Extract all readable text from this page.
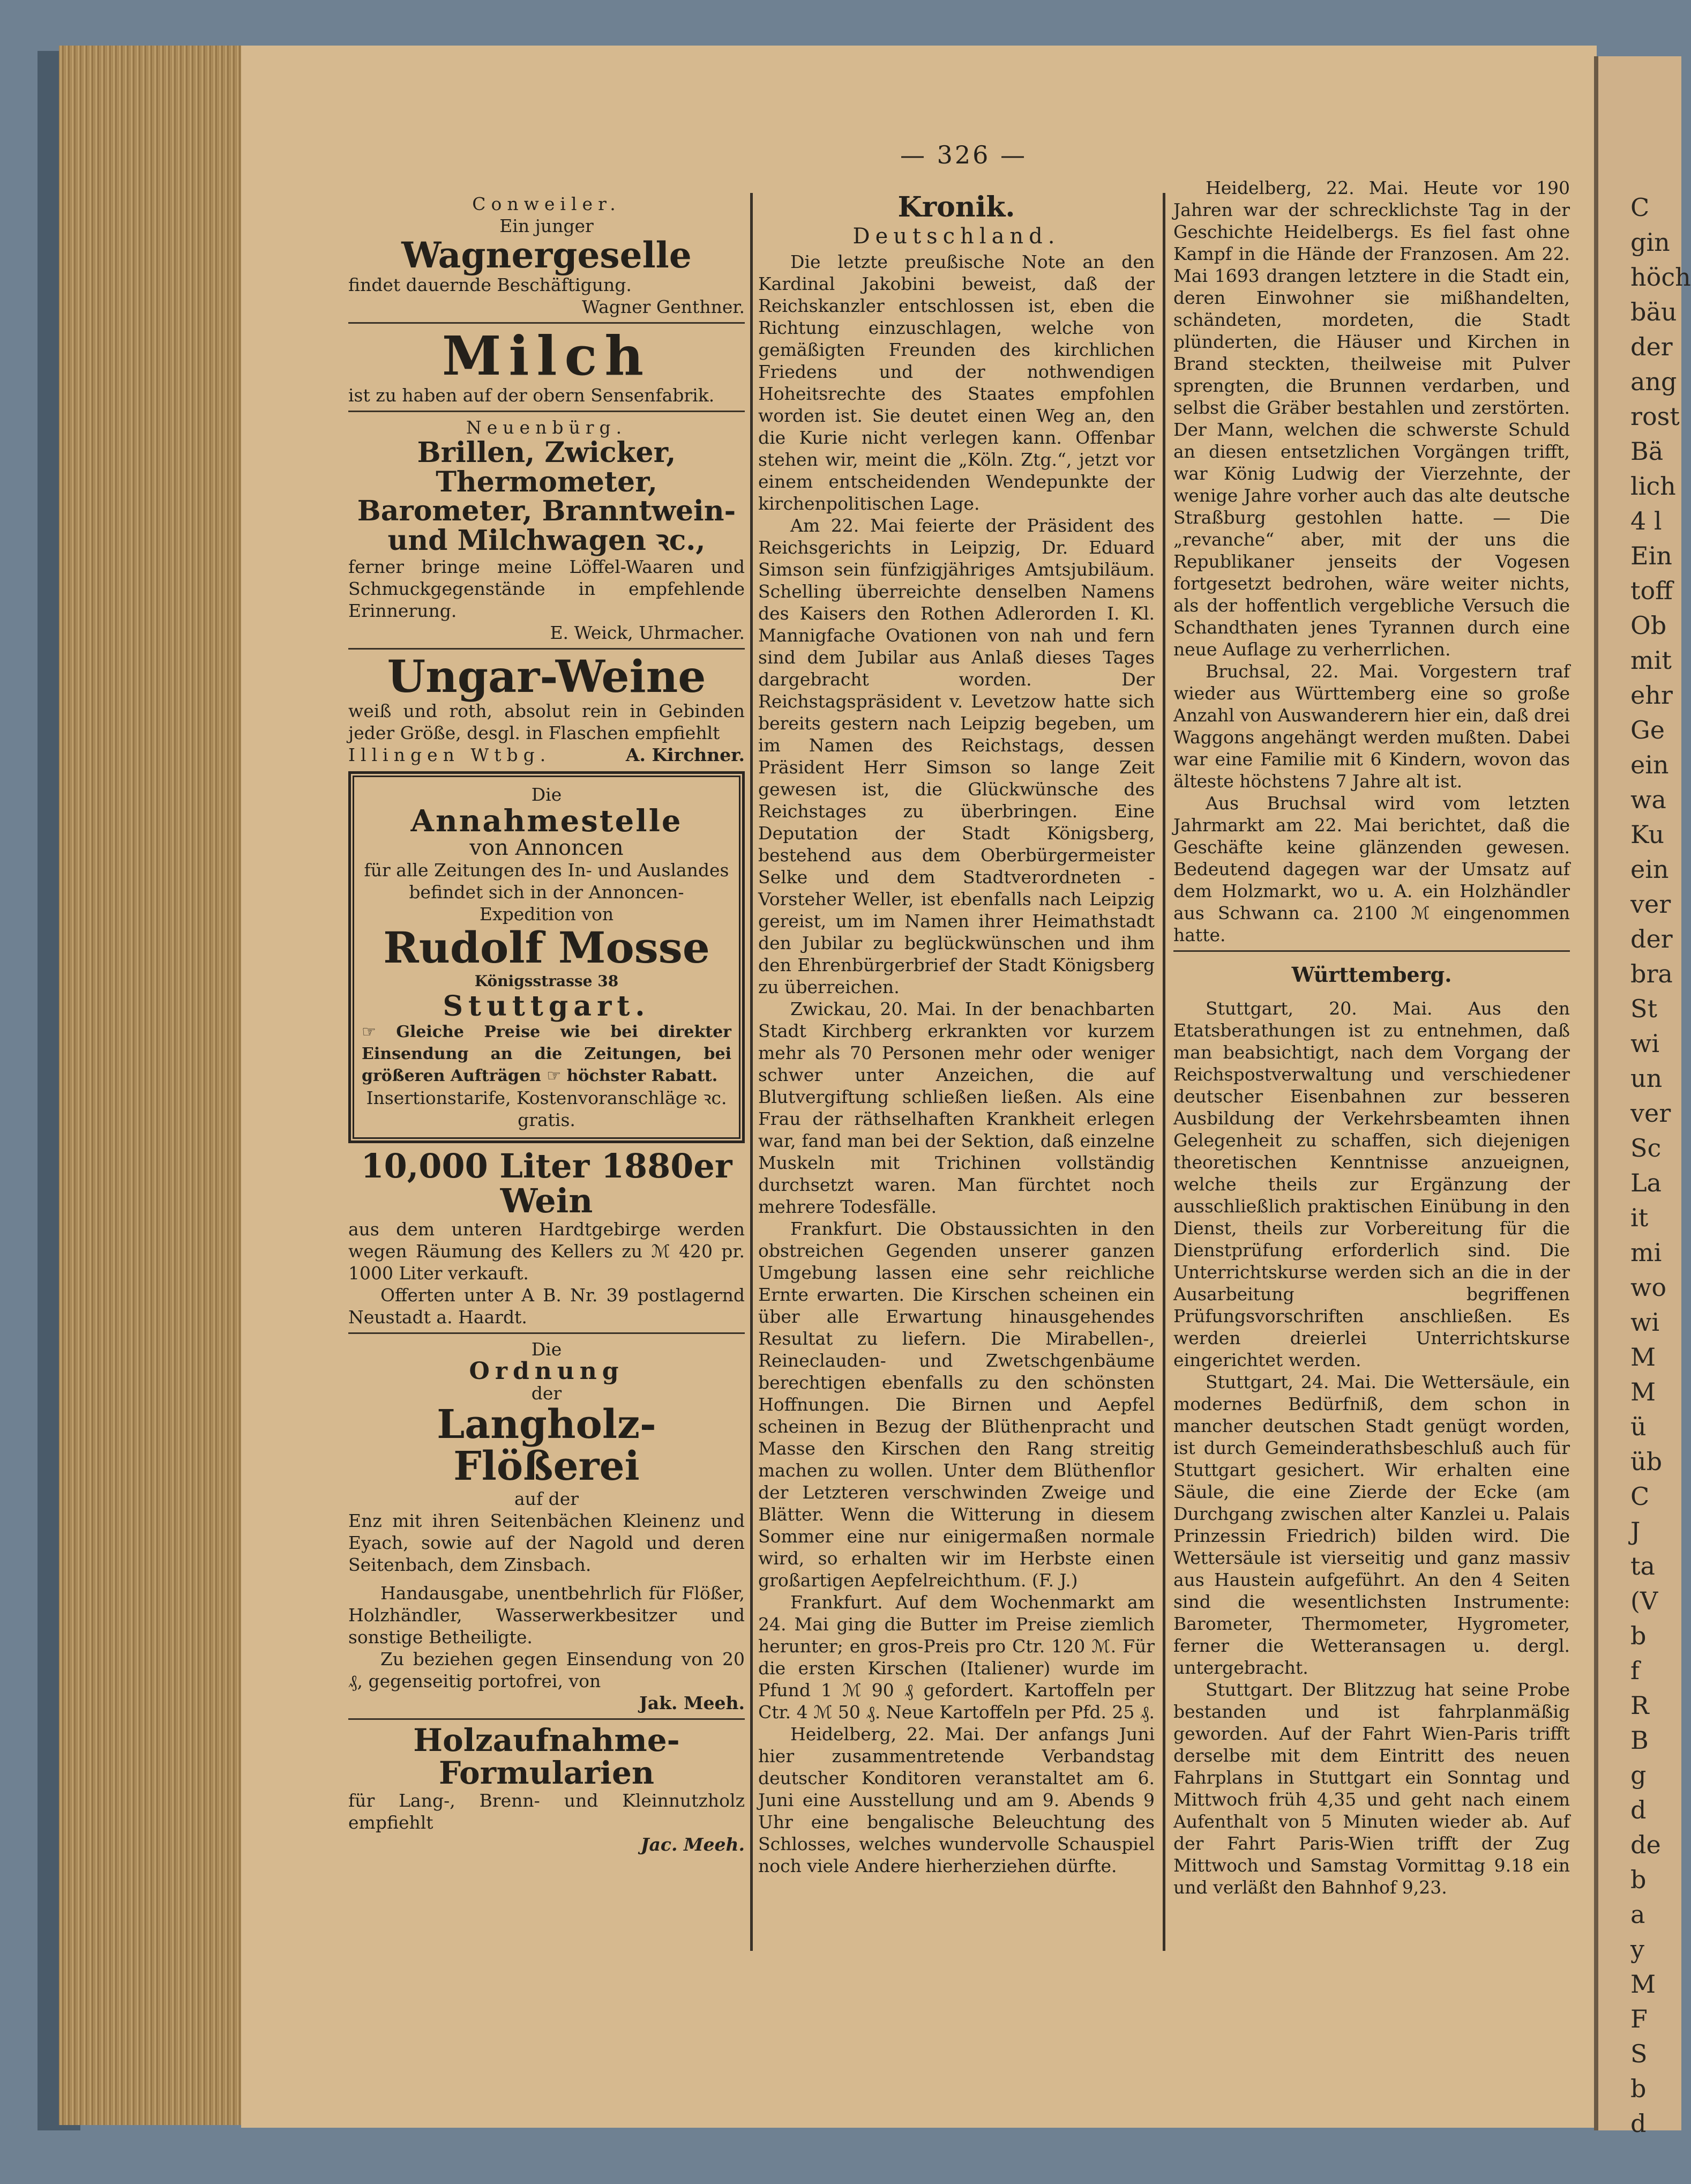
C
gin
höch
bäu
der
ang
rost
Bä
lich
4 l
Ein
toff
Ob
mit
ehr
Ge
ein
wa
Ku
ein
ver
der
bra
St
wi
un
ver
Sc
La
it
mi
wo
wi
M
M
ü
üb
C
J
ta
(V
b
f
R
B
g
d
de
b
a
y
M
F
S
b
d
— 326 —
Conweiler.
Ein junger
Wagnergeselle
findet dauernde Beschäftigung.
Wagner Genthner.
Milch
ist zu haben auf der obern Sensenfabrik.
Neuenbürg.
Brillen, Zwicker, Thermometer, Barometer, Branntwein- und Milchwagen ꝛc.,
ferner bringe meine Löffel-Waaren und Schmuckgegenstände in empfehlende Erinnerung.
E. Weick, Uhrmacher.
Ungar-Weine
weiß und roth, absolut rein in Gebinden jeder Größe, desgl. in Flaschen empfiehlt
Illingen Wtbg.	A. Kirchner.
Die
Annahmestelle
von Annoncen
für alle Zeitungen des In- und Auslandes
befindet sich in der Annoncen-Expedition von
Rudolf Mosse
Königsstrasse 38
Stuttgart.
☞ Gleiche Preise wie bei direkter Einsendung an die Zeitungen, bei größeren Aufträgen ☞ höchster Rabatt.
Insertionstarife, Kostenvoranschläge ꝛc. gratis.
10,000 Liter 1880er Wein
aus dem unteren Hardtgebirge werden wegen Räumung des Kellers zu ℳ 420 pr. 1000 Liter verkauft.
Offerten unter A B. Nr. 39 postlagernd Neustadt a. Haardt.
Die
Ordnung
der
Langholz-Flößerei
auf der
Enz mit ihren Seitenbächen Kleinenz und Eyach, sowie auf der Nagold und deren Seitenbach, dem Zinsbach.
Handausgabe, unentbehrlich für Flößer, Holzhändler, Wasserwerkbesitzer und sonstige Betheiligte.
Zu beziehen gegen Einsendung von 20 ₰, gegenseitig portofrei, von
Jak. Meeh.
Holzaufnahme-Formularien
für Lang-, Brenn- und Kleinnutzholz empfiehlt
Jac. Meeh.
Kronik.
Deutschland.

Die letzte preußische Note an den Kardinal Jakobini beweist, daß der Reichskanzler entschlossen ist, eben die Richtung einzuschlagen, welche von gemäßigten Freunden des kirchlichen Friedens und der nothwendigen Hoheitsrechte des Staates empfohlen worden ist. Sie deutet einen Weg an, den die Kurie nicht verlegen kann. Offenbar stehen wir, meint die „Köln. Ztg.“, jetzt vor einem entscheidenden Wendepunkte der kirchenpolitischen Lage.

Am 22. Mai feierte der Präsident des Reichsgerichts in Leipzig, Dr. Eduard Simson sein fünfzigjähriges Amtsjubiläum. Schelling überreichte denselben Namens des Kaisers den Rothen Adlerorden I. Kl. Mannigfache Ovationen von nah und fern sind dem Jubilar aus Anlaß dieses Tages dargebracht worden. Der Reichstagspräsident v. Levetzow hatte sich bereits gestern nach Leipzig begeben, um im Namen des Reichstags, dessen Präsident Herr Simson so lange Zeit gewesen ist, die Glückwünsche des Reichstages zu überbringen. Eine Deputation der Stadt Königsberg, bestehend aus dem Oberbürgermeister Selke und dem Stadtverordneten - Vorsteher Weller, ist ebenfalls nach Leipzig gereist, um im Namen ihrer Heimathstadt den Jubilar zu beglückwünschen und ihm den Ehrenbürgerbrief der Stadt Königsberg zu überreichen.

Zwickau, 20. Mai. In der benachbarten Stadt Kirchberg erkrankten vor kurzem mehr als 70 Personen mehr oder weniger schwer unter Anzeichen, die auf Blutvergiftung schließen ließen. Als eine Frau der räthselhaften Krankheit erlegen war, fand man bei der Sektion, daß einzelne Muskeln mit Trichinen vollständig durchsetzt waren. Man fürchtet noch mehrere Todesfälle.

Frankfurt. Die Obstaussichten in den obstreichen Gegenden unserer ganzen Umgebung lassen eine sehr reichliche Ernte erwarten. Die Kirschen scheinen ein über alle Erwartung hinausgehendes Resultat zu liefern. Die Mirabellen-, Reineclauden- und Zwetschgenbäume berechtigen ebenfalls zu den schönsten Hoffnungen. Die Birnen und Aepfel scheinen in Bezug der Blüthenpracht und Masse den Kirschen den Rang streitig machen zu wollen. Unter dem Blüthenflor der Letzteren verschwinden Zweige und Blätter. Wenn die Witterung in diesem Sommer eine nur einigermaßen normale wird, so erhalten wir im Herbste einen großartigen Aepfelreichthum. (F. J.)

Frankfurt. Auf dem Wochenmarkt am 24. Mai ging die Butter im Preise ziemlich herunter; en gros-Preis pro Ctr. 120 ℳ. Für die ersten Kirschen (Italiener) wurde im Pfund 1 ℳ 90 ₰ gefordert. Kartoffeln per Ctr. 4 ℳ 50 ₰. Neue Kartoffeln per Pfd. 25 ₰.

Heidelberg, 22. Mai. Der anfangs Juni hier zusammentretende Verbandstag deutscher Konditoren veranstaltet am 6. Juni eine Ausstellung und am 9. Abends 9 Uhr eine bengalische Beleuchtung des Schlosses, welches wundervolle Schauspiel noch viele Andere hierherziehen dürfte.

Heidelberg, 22. Mai. Heute vor 190 Jahren war der schrecklichste Tag in der Geschichte Heidelbergs. Es fiel fast ohne Kampf in die Hände der Franzosen. Am 22. Mai 1693 drangen letztere in die Stadt ein, deren Einwohner sie mißhandelten, schändeten, mordeten, die Stadt plünderten, die Häuser und Kirchen in Brand steckten, theilweise mit Pulver sprengten, die Brunnen verdarben, und selbst die Gräber bestahlen und zerstörten. Der Mann, welchen die schwerste Schuld an diesen entsetzlichen Vorgängen trifft, war König Ludwig der Vierzehnte, der wenige Jahre vorher auch das alte deutsche Straßburg gestohlen hatte. — Die „revanche“ aber, mit der uns die Republikaner jenseits der Vogesen fortgesetzt bedrohen, wäre weiter nichts, als der hoffentlich vergebliche Versuch die Schandthaten jenes Tyrannen durch eine neue Auflage zu verherrlichen.

Bruchsal, 22. Mai. Vorgestern traf wieder aus Württemberg eine so große Anzahl von Auswanderern hier ein, daß drei Waggons angehängt werden mußten. Dabei war eine Familie mit 6 Kindern, wovon das älteste höchstens 7 Jahre alt ist.

Aus Bruchsal wird vom letzten Jahrmarkt am 22. Mai berichtet, daß die Geschäfte keine glänzenden gewesen. Bedeutend dagegen war der Umsatz auf dem Holzmarkt, wo u. A. ein Holzhändler aus Schwann ca. 2100 ℳ eingenommen hatte.

Württemberg.

Stuttgart, 20. Mai. Aus den Etatsberathungen ist zu entnehmen, daß man beabsichtigt, nach dem Vorgang der Reichspostverwaltung und verschiedener deutscher Eisenbahnen zur besseren Ausbildung der Verkehrsbeamten ihnen Gelegenheit zu schaffen, sich diejenigen theoretischen Kenntnisse anzueignen, welche theils zur Ergänzung der ausschließlich praktischen Einübung in den Dienst, theils zur Vorbereitung für die Dienstprüfung erforderlich sind. Die Unterrichtskurse werden sich an die in der Ausarbeitung begriffenen Prüfungsvorschriften anschließen. Es werden dreierlei Unterrichtskurse eingerichtet werden.

Stuttgart, 24. Mai. Die Wettersäule, ein modernes Bedürfniß, dem schon in mancher deutschen Stadt genügt worden, ist durch Gemeinderathsbeschluß auch für Stuttgart gesichert. Wir erhalten eine Säule, die eine Zierde der Ecke (am Durchgang zwischen alter Kanzlei u. Palais Prinzessin Friedrich) bilden wird. Die Wettersäule ist vierseitig und ganz massiv aus Haustein aufgeführt. An den 4 Seiten sind die wesentlichsten Instrumente: Barometer, Thermometer, Hygrometer, ferner die Wetteransagen u. dergl. untergebracht.

Stuttgart. Der Blitzzug hat seine Probe bestanden und ist fahrplanmäßig geworden. Auf der Fahrt Wien-Paris trifft derselbe mit dem Eintritt des neuen Fahrplans in Stuttgart ein Sonntag und Mittwoch früh 4,35 und geht nach einem Aufenthalt von 5 Minuten wieder ab. Auf der Fahrt Paris-Wien trifft der Zug Mittwoch und Samstag Vormittag 9.18 ein und verläßt den Bahnhof 9,23.
